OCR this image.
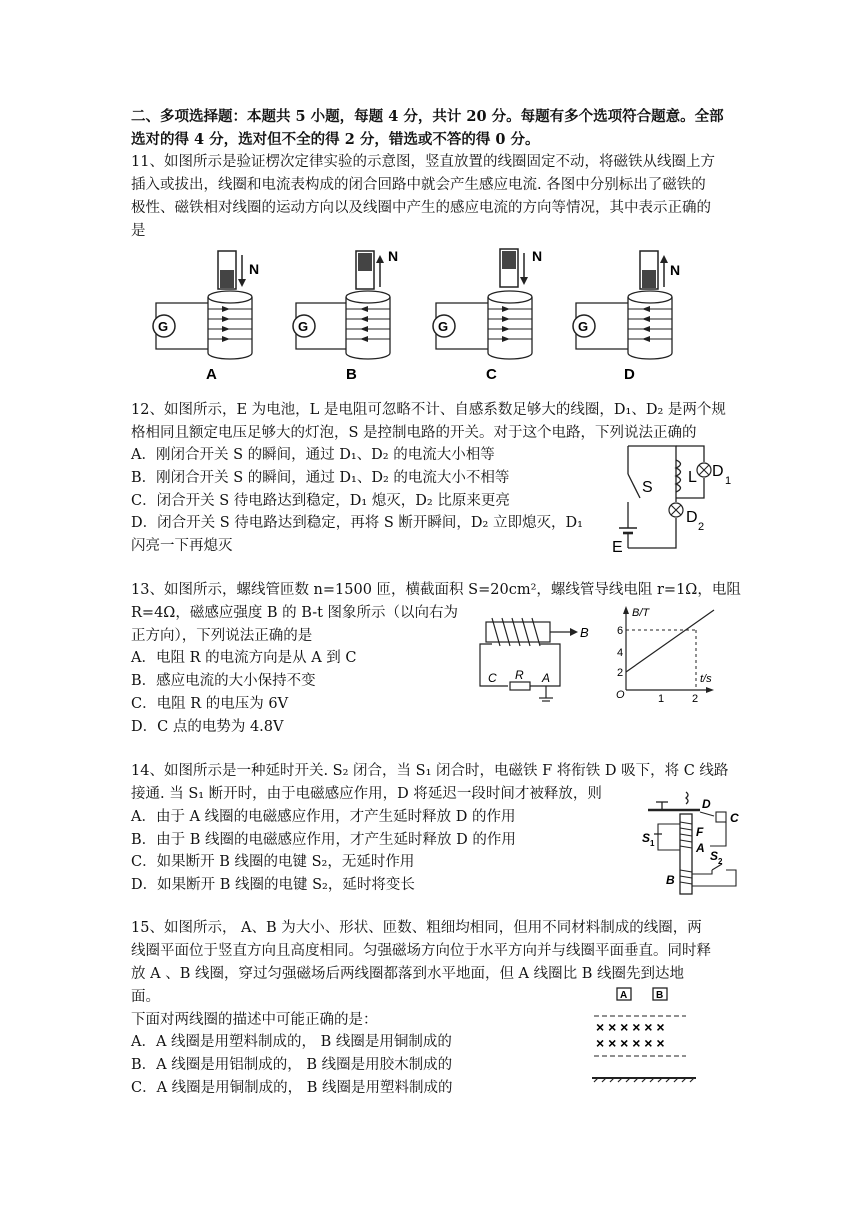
二、多项选择题：本题共 5 小题，每题 4 分，共计 20 分。每题有多个选项符合题意。全部
选对的得 4 分，选对但不全的得 2 分，错选或不答的得 0 分。
11、如图所示是验证楞次定律实验的示意图，竖直放置的线圈固定不动，将磁铁从线圈上方
插入或拔出，线圈和电流表构成的闭合回路中就会产生感应电流. 各图中分别标出了磁铁的
极性、磁铁相对线圈的运动方向以及线圈中产生的感应电流的方向等情况，其中表示正确的
是
N
G
A
N
G
B
N
G
C
N
G
D
12、如图所示，E 为电池，L 是电阻可忽略不计、自感系数足够大的线圈，D₁、D₂ 是两个规
格相同且额定电压足够大的灯泡，S 是控制电路的开关。对于这个电路，下列说法正确的
A．刚闭合开关 S 的瞬间，通过 D₁、D₂ 的电流大小相等
B．刚闭合开关 S 的瞬间，通过 D₁、D₂ 的电流大小不相等
C．闭合开关 S 待电路达到稳定，D₁ 熄灭，D₂ 比原来更亮
D．闭合开关 S 待电路达到稳定，再将 S 断开瞬间，D₂ 立即熄灭，D₁
闪亮一下再熄灭
S
L D
1
E
D
2
13、如图所示，螺线管匝数 n=1500 匝，横截面积 S=20cm²，螺线管导线电阻 r=1Ω，电阻
R=4Ω，磁感应强度 B 的 B-t 图象所示（以向右为
正方向），下列说法正确的是
A．电阻 R 的电流方向是从 A 到 C
B．感应电流的大小保持不变
C．电阻 R 的电压为 6V
D．C 点的电势为 4.8V
B
C R A
B/T
t/s
O
2
4
6
1	2
14、如图所示是一种延时开关. S₂ 闭合，当 S₁ 闭合时，电磁铁 F 将衔铁 D 吸下，将 C 线路
接通. 当 S₁ 断开时，由于电磁感应作用，D 将延迟一段时间才被释放，则
A．由于 A 线圈的电磁感应作用，才产生延时释放 D 的作用
B．由于 B 线圈的电磁感应作用，才产生延时释放 D 的作用
C．如果断开 B 线圈的电键 S₂，无延时作用
D．如果断开 B 线圈的电键 S₂，延时将变长
D
C
F
A
B
S 1
S 2
15、如图所示， A、B 为大小、形状、匝数、粗细均相同，但用不同材料制成的线圈，两
线圈平面位于竖直方向且高度相同。匀强磁场方向位于水平方向并与线圈平面垂直。同时释
放 A 、B 线圈，穿过匀强磁场后两线圈都落到水平地面，但 A 线圈比 B 线圈先到达地
面。
下面对两线圈的描述中可能正确的是：
A．A 线圈是用塑料制成的， B 线圈是用铜制成的
B．A 线圈是用铝制成的， B 线圈是用胶木制成的
C．A 线圈是用铜制成的， B 线圈是用塑料制成的
A	B
× × × × × ×
× × × × × ×
